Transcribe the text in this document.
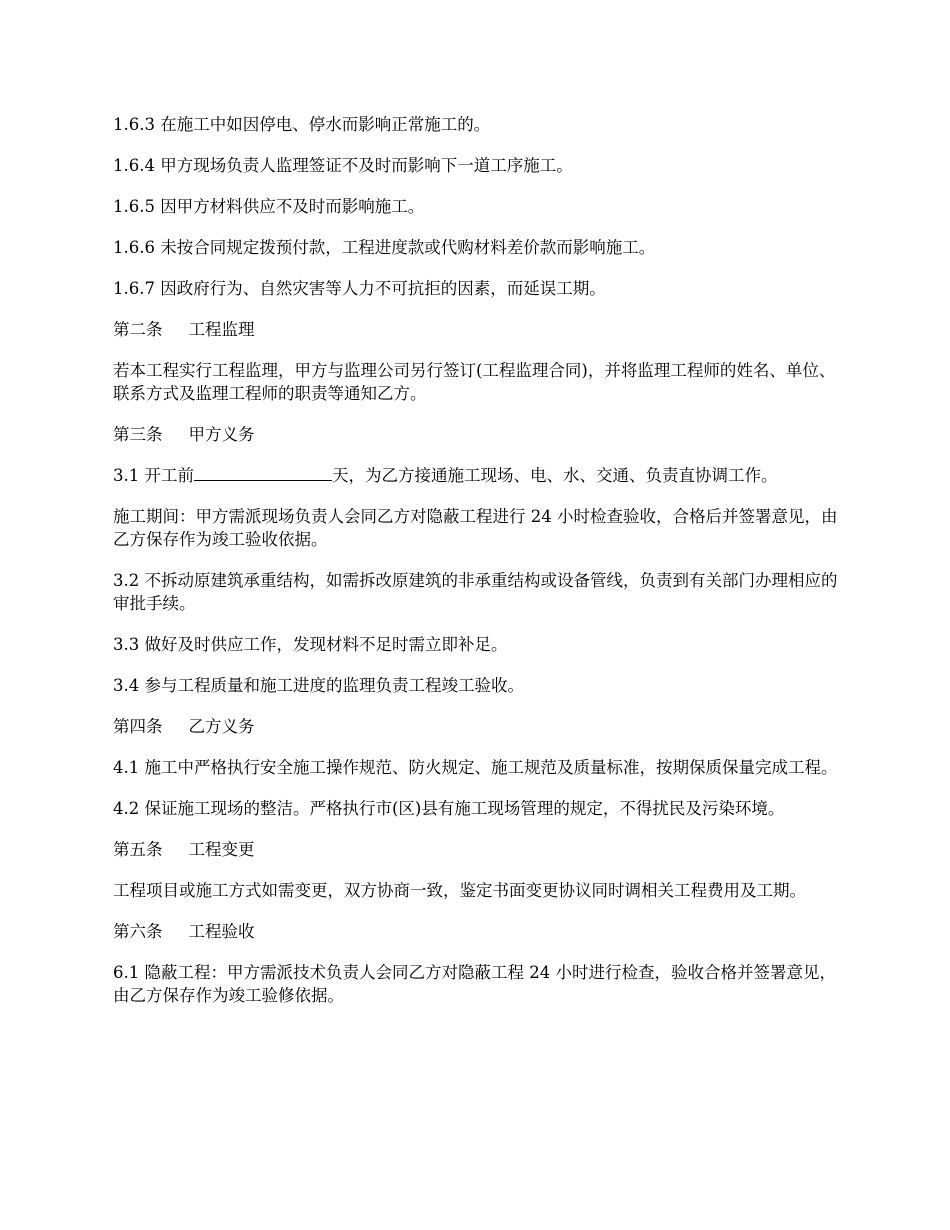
1.6.3 在施工中如因停电、停水而影响正常施工的。

1.6.4 甲方现场负责人监理签证不及时而影响下一道工序施工。

1.6.5 因甲方材料供应不及时而影响施工。

1.6.6 未按合同规定拨预付款，工程进度款或代购材料差价款而影响施工。

1.6.7 因政府行为、自然灾害等人力不可抗拒的因素，而延误工期。

第二条 工程监理

若本工程实行工程监理，甲方与监理公司另行签订(工程监理合同)，并将监理工程师的姓名、单位、联系方式及监理工程师的职责等通知乙方。

第三条 甲方义务

3.1 开工前	天，为乙方接通施工现场、电、水、交通、负责直协调工作。

施工期间：甲方需派现场负责人会同乙方对隐蔽工程进行 24 小时检查验收，合格后并签署意见，由乙方保存作为竣工验收依据。

3.2 不拆动原建筑承重结构，如需拆改原建筑的非承重结构或设备管线，负责到有关部门办理相应的审批手续。

3.3 做好及时供应工作，发现材料不足时需立即补足。

3.4 参与工程质量和施工进度的监理负责工程竣工验收。

第四条 乙方义务

4.1 施工中严格执行安全施工操作规范、防火规定、施工规范及质量标准，按期保质保量完成工程。

4.2 保证施工现场的整洁。严格执行市(区)县有施工现场管理的规定，不得扰民及污染环境。

第五条 工程变更

工程项目或施工方式如需变更，双方协商一致，鉴定书面变更协议同时调相关工程费用及工期。

第六条 工程验收

6.1 隐蔽工程：甲方需派技术负责人会同乙方对隐蔽工程 24 小时进行检查，验收合格并签署意见，由乙方保存作为竣工验修依据。
